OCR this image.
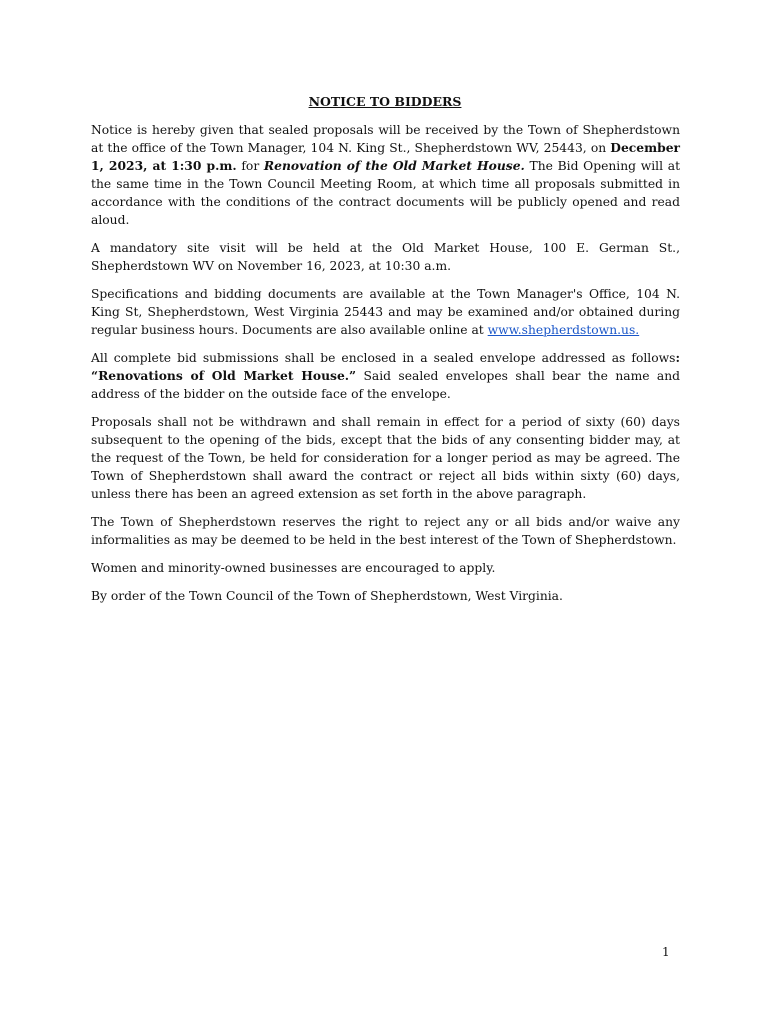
NOTICE TO BIDDERS

Notice is hereby given that sealed proposals will be received by the Town of Shepherdstown at the office of the Town Manager, 104 N. King St., Shepherdstown WV, 25443, on December 1, 2023, at 1:30 p.m. for Renovation of the Old Market House. The Bid Opening will at the same time in the Town Council Meeting Room, at which time all proposals submitted in accordance with the conditions of the contract documents will be publicly opened and read aloud.

A mandatory site visit will be held at the Old Market House, 100 E. German St., Shepherdstown WV on November 16, 2023, at 10:30 a.m.

Specifications and bidding documents are available at the Town Manager's Office, 104 N. King St, Shepherdstown, West Virginia 25443 and may be examined and/or obtained during regular business hours. Documents are also available online at www.shepherdstown.us.

All complete bid submissions shall be enclosed in a sealed envelope addressed as follows: “Renovations of Old Market House.” Said sealed envelopes shall bear the name and address of the bidder on the outside face of the envelope.

Proposals shall not be withdrawn and shall remain in effect for a period of sixty (60) days subsequent to the opening of the bids, except that the bids of any consenting bidder may, at the request of the Town, be held for consideration for a longer period as may be agreed. The Town of Shepherdstown shall award the contract or reject all bids within sixty (60) days, unless there has been an agreed extension as set forth in the above paragraph.

The Town of Shepherdstown reserves the right to reject any or all bids and/or waive any informalities as may be deemed to be held in the best interest of the Town of Shepherdstown.

Women and minority-owned businesses are encouraged to apply.

By order of the Town Council of the Town of Shepherdstown, West Virginia.

1
